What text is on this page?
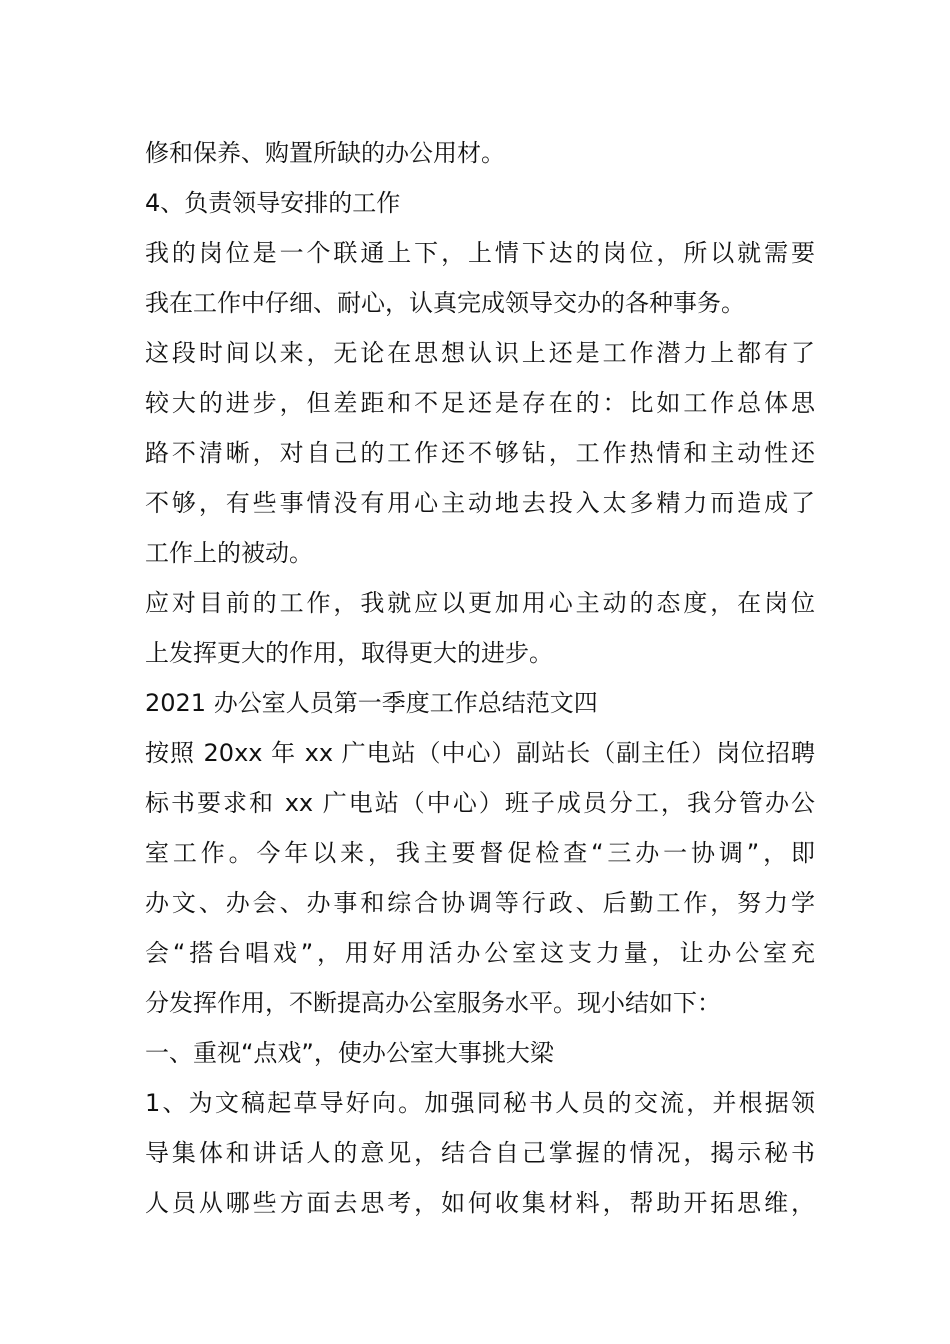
修和保养、购置所缺的办公用材。
4、负责领导安排的工作
我的岗位是一个联通上下，上情下达的岗位，所以就需要
我在工作中仔细、耐心，认真完成领导交办的各种事务。
这段时间以来，无论在思想认识上还是工作潜力上都有了
较大的进步，但差距和不足还是存在的：比如工作总体思
路不清晰，对自己的工作还不够钻，工作热情和主动性还
不够，有些事情没有用心主动地去投入太多精力而造成了
工作上的被动。
应对目前的工作，我就应以更加用心主动的态度，在岗位
上发挥更大的作用，取得更大的进步。
2021 办公室人员第一季度工作总结范文四
按照 20xx 年 xx 广电站（中心）副站长（副主任）岗位招聘
标书要求和 xx 广电站（中心）班子成员分工，我分管办公
室工作。今年以来，我主要督促检查“三办一协调”，即
办文、办会、办事和综合协调等行政、后勤工作，努力学
会“搭台唱戏”，用好用活办公室这支力量，让办公室充
分发挥作用，不断提高办公室服务水平。现小结如下：
一、重视“点戏”，使办公室大事挑大梁
1、为文稿起草导好向。加强同秘书人员的交流，并根据领
导集体和讲话人的意见，结合自己掌握的情况，揭示秘书
人员从哪些方面去思考，如何收集材料，帮助开拓思维，
